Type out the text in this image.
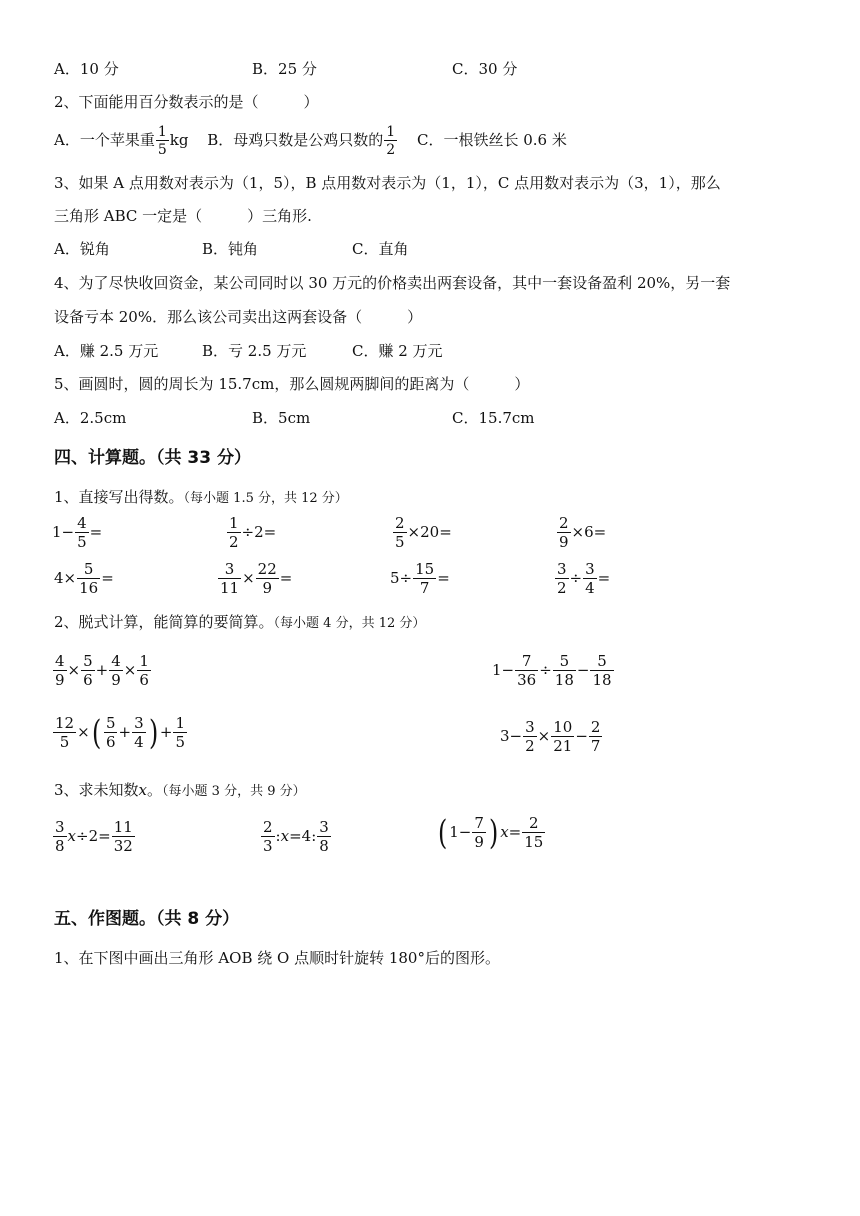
A．10 分	B．25 分	C．30 分
2、下面能用百分数表示的是（　　　）
A．一个苹果重 $\frac{1}{5}$ kg B．母鸡只数是公鸡只数的 $\frac{1}{2}$ C．一根铁丝长 0.6 米
3、如果 A 点用数对表示为（1，5），B 点用数对表示为（1，1），C 点用数对表示为（3，1），那么
三角形 ABC 一定是（　　　）三角形.
A．锐角	B．钝角	C．直角
4、为了尽快收回资金，某公司同时以 30 万元的价格卖出两套设备，其中一套设备盈利 20%，另一套
设备亏本 20%．那么该公司卖出这两套设备（　　　）
A．赚 2.5 万元	B．亏 2.5 万元	C．赚 2 万元
5、画圆时，圆的周长为 15.7cm，那么圆规两脚间的距离为（　　　）
A．2.5cm	B．5cm	C．15.7cm
四、计算题。（共 33 分）
1、直接写出得数。（每小题 1.5 分，共 12 分）
$1- \frac{4}{5}$ =	$\frac{1}{2} \div 2=$	$\frac{2}{5} \times 20=$	$\frac{2}{9} \times 6=$
$4\times \frac{5}{16}$ =	$\frac{3}{11} \times \frac{22}{9}$ =	$5\div \frac{15}{7}$ =	$\frac{3}{2} \div \frac{3}{4}$ =
2、脱式计算，能简算的要简算。（每小题 4 分，共 12 分）
$\frac{4}{9} \times \frac{5}{6} + \frac{4}{9} \times \frac{1}{6}$	$1- \frac{7}{36} \div \frac{5}{18} - \frac{5}{18}$
$\frac{12}{5}$ ×( $\frac{5}{6} + \frac{3}{4}$ ) + $\frac{1}{5}$	$3- \frac{3}{2} \times \frac{10}{21} - \frac{2}{7}$
3、求未知数x。（每小题 3 分，共 9 分）
$\frac{3}{8} x\div 2= \frac{11}{32}$	$\frac{2}{3}$ :x=4: $\frac{3}{8}$	( $1- \frac{7}{9}$ ) $x= \frac{2}{15}$
五、作图题。（共 8 分）
1、在下图中画出三角形 AOB 绕 O 点顺时针旋转 180°后的图形。
